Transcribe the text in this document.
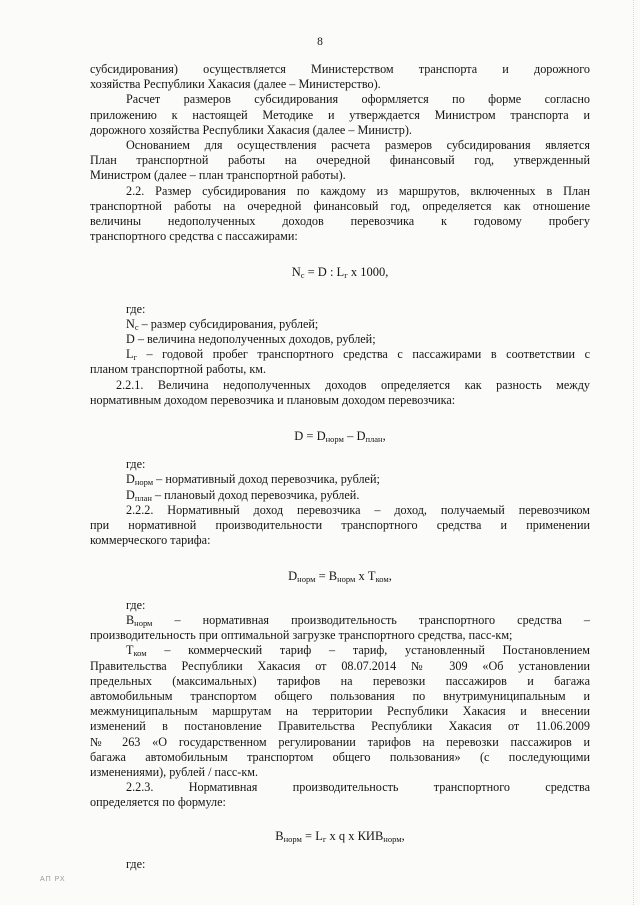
8

субсидирования) осуществляется Министерством транспорта и дорожного

хозяйства Республики Хакасия (далее – Министерство).

Расчет размеров субсидирования оформляется по форме согласно

приложению к настоящей Методике и утверждается Министром транспорта и

дорожного хозяйства Республики Хакасия (далее – Министр).

Основанием для осуществления расчета размеров субсидирования является

План транспортной работы на очередной финансовый год, утвержденный

Министром (далее – план транспортной работы).

2.2. Размер субсидирования по каждому из маршрутов, включенных в План

транспортной работы на очередной финансовый год, определяется как отношение

величины недополученных доходов перевозчика к годовому пробегу

транспортного средства с пассажирами:

$N_c = D$ : $L_г$ х 1000,

где:

$N_c$ – размер субсидирования, рублей;

D – величина недополученных доходов, рублей;

$L_г$ – годовой пробег транспортного средства с пассажирами в соответствии с

планом транспортной работы, км.

2.2.1. Величина недополученных доходов определяется как разность между

нормативным доходом перевозчика и плановым доходом перевозчика:

$D = D_{норм} - D_{план}$,

где:

$D_{норм}$ – нормативный доход перевозчика, рублей;

$D_{план}$ – плановый доход перевозчика, рублей.

2.2.2. Нормативный доход перевозчика – доход, получаемый перевозчиком

при нормативной производительности транспортного средства и применении

коммерческого тарифа:

$D_{норм} = B_{норм}$ х $T_{ком}$,

где:

$B_{норм}$ – нормативная производительность транспортного средства –

производительность при оптимальной загрузке транспортного средства, пасс-км;

$T_{ком}$ – коммерческий тариф – тариф, установленный Постановлением

Правительства Республики Хакасия от 08.07.2014 № 309 «Об установлении

предельных (максимальных) тарифов на перевозки пассажиров и багажа

автомобильным транспортом общего пользования по внутримуниципальным и

межмуниципальным маршрутам на территории Республики Хакасия и внесении

изменений в постановление Правительства Республики Хакасия от 11.06.2009

№ 263 «О государственном регулировании тарифов на перевозки пассажиров и

багажа автомобильным транспортом общего пользования» (с последующими

изменениями), рублей / пасс-км.

2.2.3. Нормативная производительность транспортного средства

определяется по формуле:

$B_{норм} = L_г$ х q х $КИВ_{норм}$,

где:

АП РХ
